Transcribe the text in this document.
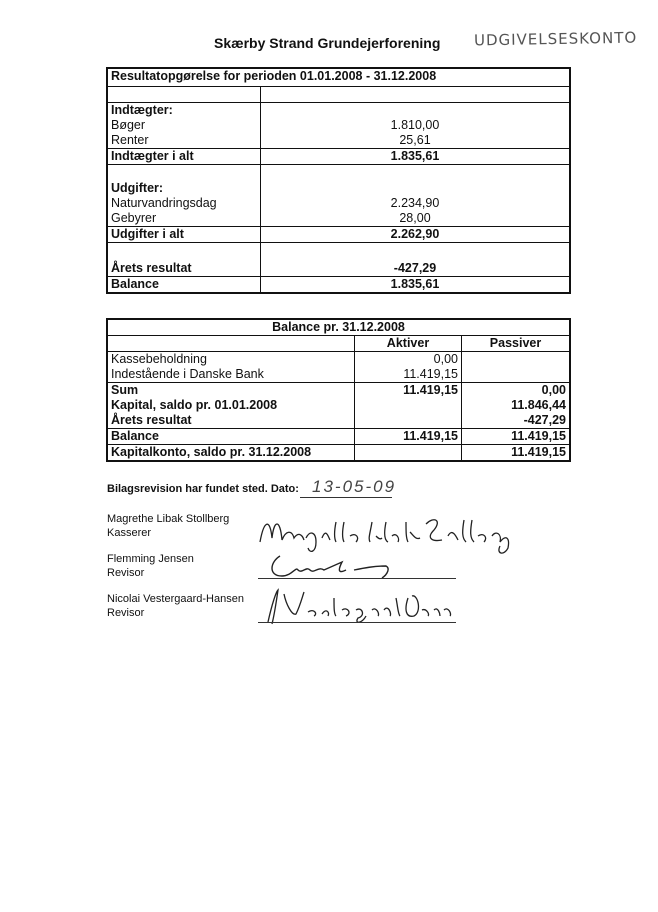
Skærby Strand Grundejerforening UDGIVELSESKONTO
Resultatopgørelse for perioden 01.01.2008 - 31.12.2008	

Indtægter:	
Bøger	1.810,00
Renter	25,61
Indtægter i alt	1.835,61

Udgifter:	
Naturvandringsdag	2.234,90
Gebyrer	28,00
Udgifter i alt	2.262,90

Årets resultat	-427,29
Balance	1.835,61
Balance pr. 31.12.2008		
	Aktiver	Passiver
Kassebeholdning	0,00	
Indestående i Danske Bank	11.419,15	
Sum	11.419,15	0,00
Kapital, saldo pr. 01.01.2008		11.846,44
Årets resultat		-427,29
Balance	11.419,15	11.419,15
Kapitalkonto, saldo pr. 31.12.2008		11.419,15
Bilagsrevision har fundet sted. Dato: 13-05-09
Magrethe Libak Stollberg
Kasserer
Flemming Jensen
Revisor
Nicolai Vestergaard-Hansen
Revisor
